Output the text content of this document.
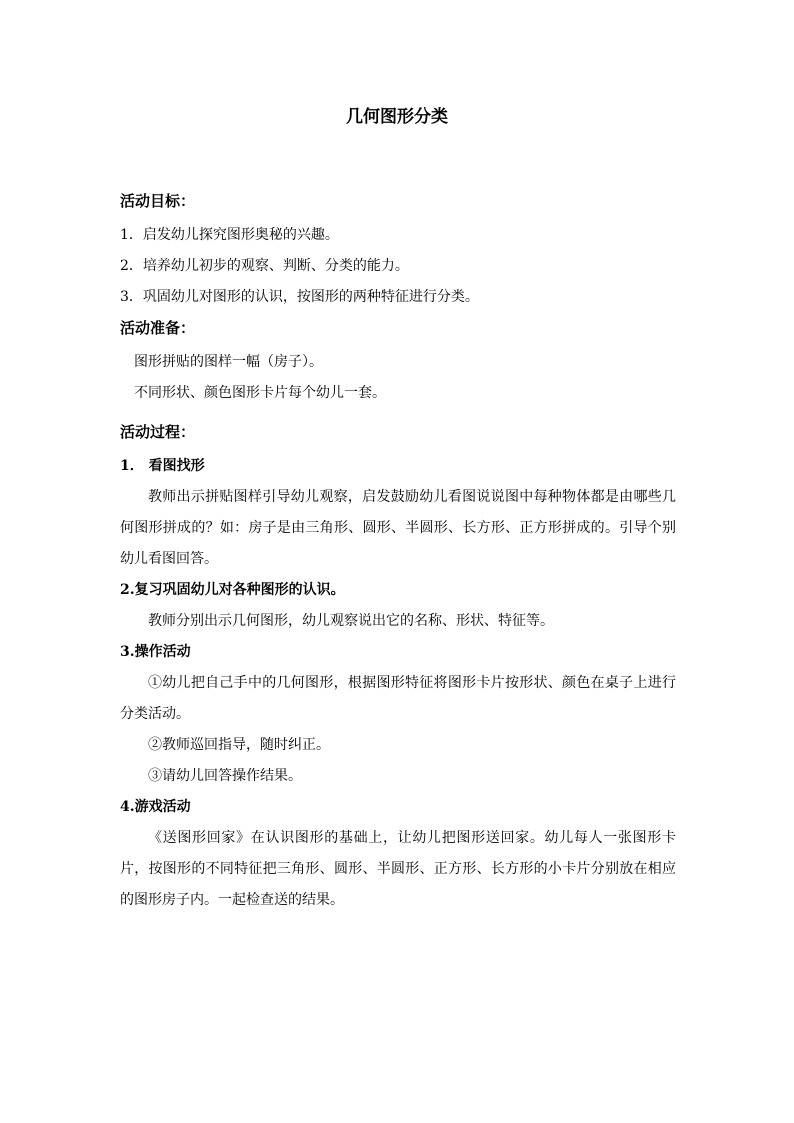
几何图形分类
活动目标：
1．启发幼儿探究图形奥秘的兴趣。
2．培养幼儿初步的观察、判断、分类的能力。
3．巩固幼儿对图形的认识，按图形的两种特征进行分类。
活动准备：
图形拼贴的图样一幅（房子）。
不同形状、颜色图形卡片每个幼儿一套。
活动过程：
1． 看图找形

教师出示拼贴图样引导幼儿观察，启发鼓励幼儿看图说说图中每种物体都是由哪些几何图形拼成的？如：房子是由三角形、圆形、半圆形、长方形、正方形拼成的。引导个别幼儿看图回答。

2.复习巩固幼儿对各种图形的认识。

教师分别出示几何图形，幼儿观察说出它的名称、形状、特征等。

3.操作活动

①幼儿把自己手中的几何图形，根据图形特征将图形卡片按形状、颜色在桌子上进行分类活动。

②教师巡回指导，随时纠正。

③请幼儿回答操作结果。

4.游戏活动

《送图形回家》在认识图形的基础上，让幼儿把图形送回家。幼儿每人一张图形卡片，按图形的不同特征把三角形、圆形、半圆形、正方形、长方形的小卡片分别放在相应的图形房子内。一起检查送的结果。
